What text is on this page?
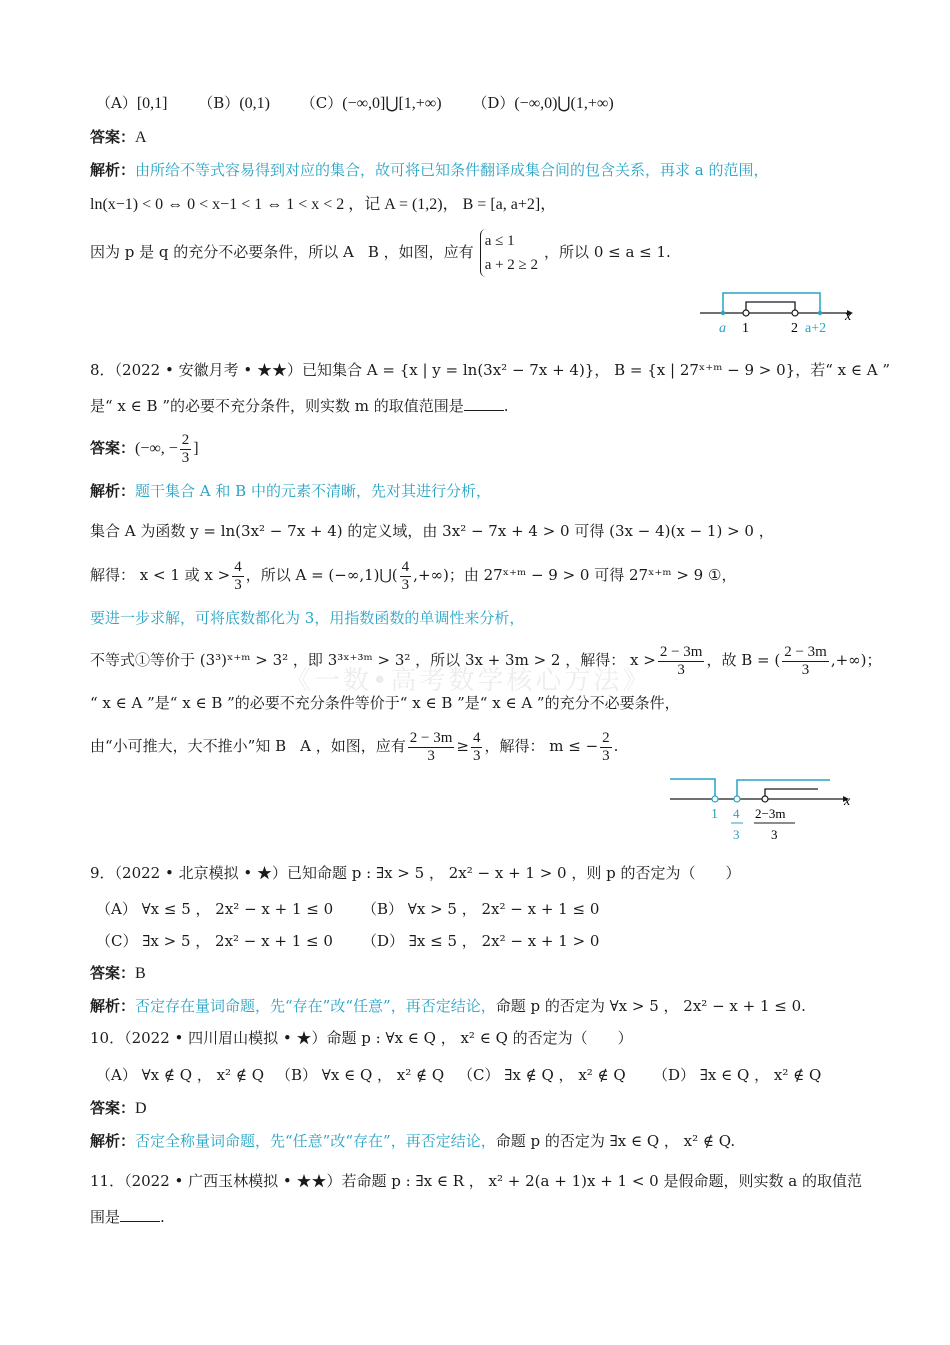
《一数•高考数学核心方法》
（A）[0,1] （B）(0,1) （C）(−∞,0]⋃[1,+∞) （D）(−∞,0)⋃(1,+∞)
答案：A
解析：由所给不等式容易得到对应的集合，故可将已知条件翻译成集合间的包含关系，再求 a 的范围，
ln(x−1) < 0 ⇔ 0 < x−1 < 1 ⇔ 1 < x < 2 ，记 A = (1,2)， B = [a, a+2]，
因为 p 是 q 的充分不必要条件，所以 A B ，如图，应有
a ≤ 1
a + 2 ≥ 2
，所以 0 ≤ a ≤ 1.
x
a 1	2 a+2
8．（2022 • 安徽月考 • ★★）已知集合 A = {x | y = ln(3x² − 7x + 4)}， B = {x | 27ˣ⁺ᵐ − 9 > 0}，若“ x ∈ A ”
是“ x ∈ B ”的必要不充分条件，则实数 m 的取值范围是	.
答案：(−∞, − $\frac{2}{3}$ ]
解析：题干集合 A 和 B 中的元素不清晰，先对其进行分析，
集合 A 为函数 y = ln(3x² − 7x + 4) 的定义域，由 3x² − 7x + 4 > 0 可得 (3x − 4)(x − 1) > 0 ，
解得： x < 1 或 $x > \frac{4}{3}$ ，所以 A = (−∞,1)⋃( $\frac{4}{3}$ ,+∞)；由 27ˣ⁺ᵐ − 9 > 0 可得 27ˣ⁺ᵐ > 9 ①，
要进一步求解，可将底数都化为 3，用指数函数的单调性来分析，
不等式①等价于 (3³)ˣ⁺ᵐ > 3² ，即 3³ˣ⁺³ᵐ > 3² ，所以 3x + 3m > 2 ，解得： $x > \frac{2 - 3m}{3}$ ，故 B = ( $\frac{2 - 3m}{3}$ ,+∞)；
“ x ∈ A ”是“ x ∈ B ”的必要不充分条件等价于“ x ∈ B ”是“ x ∈ A ”的充分不必要条件，
由“小可推大，大不推小”知 B A ，如图，应有 $\frac{2 - 3m}{3} \ge \frac{4}{3}$ ，解得： m ≤ − $\frac{2}{3}$ .
x
1 4
3
2−3m
3
9．（2022 • 北京模拟 • ★）已知命题 p : ∃x > 5 ， 2x² − x + 1 > 0 ，则 p 的否定为（　　）
（A） ∀x ≤ 5 ， 2x² − x + 1 ≤ 0 （B） ∀x > 5 ， 2x² − x + 1 ≤ 0
（C） ∃x > 5 ， 2x² − x + 1 ≤ 0 （D） ∃x ≤ 5 ， 2x² − x + 1 > 0
答案：B
解析：否定存在量词命题，先“存在”改“任意”，再否定结论，命题 p 的否定为 ∀x > 5 ， 2x² − x + 1 ≤ 0.
10．（2022 • 四川眉山模拟 • ★）命题 p : ∀x ∈ Q ， x² ∈ Q 的否定为（　　）
（A） ∀x ∉ Q ， x² ∉ Q （B） ∀x ∈ Q ， x² ∉ Q （C） ∃x ∉ Q ， x² ∉ Q （D） ∃x ∈ Q ， x² ∉ Q
答案：D
解析：否定全称量词命题，先“任意”改“存在”，再否定结论，命题 p 的否定为 ∃x ∈ Q ， x² ∉ Q.
11．（2022 • 广西玉林模拟 • ★★）若命题 p : ∃x ∈ R ， x² + 2(a + 1)x + 1 < 0 是假命题，则实数 a 的取值范
围是	.
